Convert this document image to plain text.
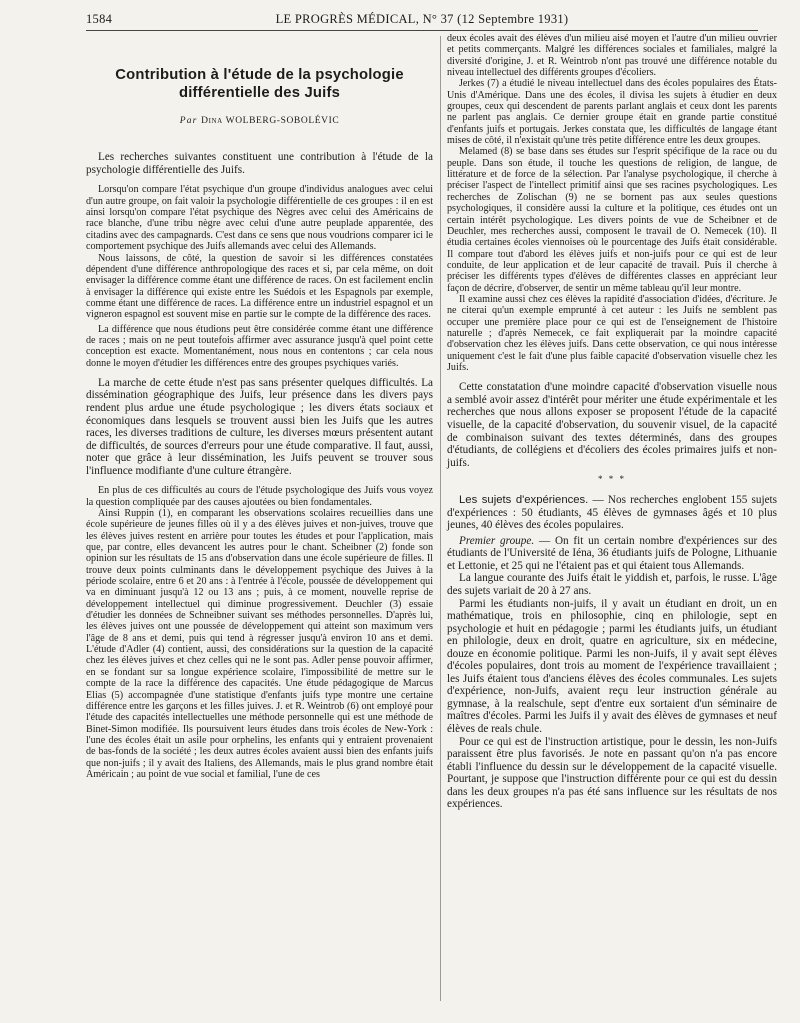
1584	LE PROGRÈS MÉDICAL, N° 37 (12 Septembre 1931)
Contribution à l'étude de la psychologie
différentielle des Juifs
Par Dina WOLBERG-SOBOLÉVIC

Les recherches suivantes constituent une contribution à l'étude de la psychologie différentielle des Juifs.

Lorsqu'on compare l'état psychique d'un groupe d'individus analogues avec celui d'un autre groupe, on fait valoir la psychologie différentielle de ces groupes : il en est ainsi lorsqu'on compare l'état psychique des Nègres avec celui des Américains de race blanche, d'une tribu nègre avec celui d'une autre peuplade apparentée, des citadins avec des campagnards. C'est dans ce sens que nous voudrions comparer ici le comportement psychique des Juifs allemands avec celui des Allemands.

Nous laissons, de côté, la question de savoir si les différences constatées dépendent d'une différence anthropologique des races et si, par cela même, on doit envisager la différence comme étant une différence de races. On est facilement enclin à envisager la différence qui existe entre les Suédois et les Espagnols par exemple, comme étant une différence de races. La différence entre un industriel espagnol et un vigneron espagnol est souvent mise en partie sur le compte de la différence des races.

La différence que nous étudions peut être considérée comme étant une différence de races ; mais on ne peut toutefois affirmer avec assurance jusqu'à quel point cette conception est exacte. Momentanément, nous nous en contentons ; car cela nous donne le moyen d'étudier les différences entre des groupes psychiques variés.

La marche de cette étude n'est pas sans présenter quelques difficultés. La dissémination géographique des Juifs, leur présence dans les divers pays rendent plus ardue une étude psychologique ; les divers états sociaux et économiques dans lesquels se trouvent aussi bien les Juifs que les autres races, les diverses traditions de culture, les diverses mœurs présentent autant de difficultés, de sources d'erreurs pour une étude comparative. Il faut, aussi, noter que grâce à leur dissémination, les Juifs peuvent se trouver sous l'influence modifiante d'une culture étrangère.

En plus de ces difficultés au cours de l'étude psychologique des Juifs vous voyez la question compliquée par des causes ajoutées ou bien fondamentales.

Ainsi Ruppin (1), en comparant les observations scolaires recueillies dans une école supérieure de jeunes filles où il y a des élèves juives et non-juives, trouve que les élèves juives restent en arrière pour toutes les études et pour l'application, mais que, par contre, elles devancent les autres pour le chant. Scheibner (2) fonde son opinion sur les résultats de 15 ans d'observation dans une école supérieure de filles. Il trouve deux points culminants dans le développement psychique des Juives à la période scolaire, entre 6 et 20 ans : à l'entrée à l'école, poussée de développement qui va en diminuant jusqu'à 12 ou 13 ans ; puis, à ce moment, nouvelle reprise de développement intellectuel qui diminue progressivement. Deuchler (3) essaie d'étudier les données de Schneibner suivant ses méthodes personnelles. D'après lui, les élèves juives ont une poussée de développement qui atteint son maximum vers l'âge de 8 ans et demi, puis qui tend à régresser jusqu'à environ 10 ans et demi. L'étude d'Adler (4) contient, aussi, des considérations sur la question de la capacité chez les élèves juives et chez celles qui ne le sont pas. Adler pense pouvoir affirmer, en se fondant sur sa longue expérience scolaire, l'impossibilité de mettre sur le compte de la race la différence des capacités. Une étude pédagogique de Marcus Elias (5) accompagnée d'une statistique d'enfants juifs type montre une certaine différence entre les garçons et les filles juives. J. et R. Weintrob (6) ont employé pour l'étude des capacités intellectuelles une méthode personnelle qui est une méthode de Binet-Simon modifiée. Ils poursuivent leurs études dans trois écoles de New-York : l'une des écoles était un asile pour orphelins, les enfants qui y entraient provenaient de bas-fonds de la société ; les deux autres écoles avaient aussi bien des enfants juifs que non-juifs ; il y avait des Italiens, des Allemands, mais le plus grand nombre était Américain ; au point de vue social et familial, l'une de ces

deux écoles avait des élèves d'un milieu aisé moyen et l'autre d'un milieu ouvrier et petits commerçants. Malgré les différences sociales et familiales, malgré la diversité d'origine, J. et R. Weintrob n'ont pas trouvé une différence notable du niveau intellectuel des différents groupes d'écoliers.

Jerkes (7) a étudié le niveau intellectuel dans des écoles populaires des États-Unis d'Amérique. Dans une des écoles, il divisa les sujets à étudier en deux groupes, ceux qui descendent de parents parlant anglais et ceux dont les parents ne parlent pas anglais. Ce dernier groupe était en grande partie constitué d'enfants juifs et portugais. Jerkes constata que, les difficultés de langage étant mises de côté, il n'existait qu'une très petite différence entre les deux groupes.

Melamed (8) se base dans ses études sur l'esprit spécifique de la race ou du peuple. Dans son étude, il touche les questions de religion, de langue, de littérature et de force de la sélection. Par l'analyse psychologique, il cherche à préciser l'aspect de l'intellect primitif ainsi que ses racines psychologiques. Les recherches de Zolischan (9) ne se bornent pas aux seules questions psychologiques, il considère aussi la culture et la politique, ces études ont un certain intérêt psychologique. Les divers points de vue de Scheibner et de Deuchler, mes recherches aussi, composent le travail de O. Nemecek (10). Il étudia certaines écoles viennoises où le pourcentage des Juifs était considérable. Il compare tout d'abord les élèves juifs et non-juifs pour ce qui est de leur conduite, de leur application et de leur capacité de travail. Puis il cherche à préciser les différents types d'élèves de différentes classes en appréciant leur façon de décrire, d'observer, de sentir un même tableau qu'il leur montre.

Il examine aussi chez ces élèves la rapidité d'association d'idées, d'écriture. Je ne citerai qu'un exemple emprunté à cet auteur : les Juifs ne semblent pas occuper une première place pour ce qui est de l'enseignement de l'histoire naturelle ; d'après Nemecek, ce fait expliquerait par la moindre capacité d'observation chez les élèves juifs. Dans cette observation, ce qui nous intéresse uniquement c'est le fait d'une plus faible capacité d'observation visuelle chez les Juifs.

Cette constatation d'une moindre capacité d'observation visuelle nous a semblé avoir assez d'intérêt pour mériter une étude expérimentale et les recherches que nous allons exposer se proposent l'étude de la capacité visuelle, de la capacité d'observation, du souvenir visuel, de la capacité de combinaison suivant des textes déterminés, dans des groupes d'étudiants, de collégiens et d'écoliers des écoles primaires juifs et non-juifs.

* * *

Les sujets d'expériences. — Nos recherches englobent 155 sujets d'expériences : 50 étudiants, 45 élèves de gymnases âgés et 10 plus jeunes, 40 élèves des écoles populaires.

Premier groupe. — On fit un certain nombre d'expériences sur des étudiants de l'Université de Iéna, 36 étudiants juifs de Pologne, Lithuanie et Lettonie, et 25 qui ne l'étaient pas et qui étaient tous Allemands.

La langue courante des Juifs était le yiddish et, parfois, le russe. L'âge des sujets variait de 20 à 27 ans.

Parmi les étudiants non-juifs, il y avait un étudiant en droit, un en mathématique, trois en philosophie, cinq en philologie, sept en psychologie et huit en pédagogie ; parmi les étudiants juifs, un étudiant en philologie, deux en droit, quatre en agriculture, six en médecine, douze en économie politique. Parmi les non-Juifs, il y avait sept élèves d'écoles populaires, dont trois au moment de l'expérience travaillaient ; les Juifs étaient tous d'anciens élèves des écoles communales. Les sujets d'expérience, non-Juifs, avaient reçu leur instruction générale au gymnase, à la realschule, sept d'entre eux sortaient d'un séminaire de maîtres d'écoles. Parmi les Juifs il y avait des élèves de gymnases et neuf élèves de reals chule.

Pour ce qui est de l'instruction artistique, pour le dessin, les non-Juifs paraissent être plus favorisés. Je note en passant qu'on n'a pas encore établi l'influence du dessin sur le développement de la capacité visuelle. Pourtant, je suppose que l'instruction différente pour ce qui est du dessin dans les deux groupes n'a pas été sans influence sur les résultats de nos expériences.
